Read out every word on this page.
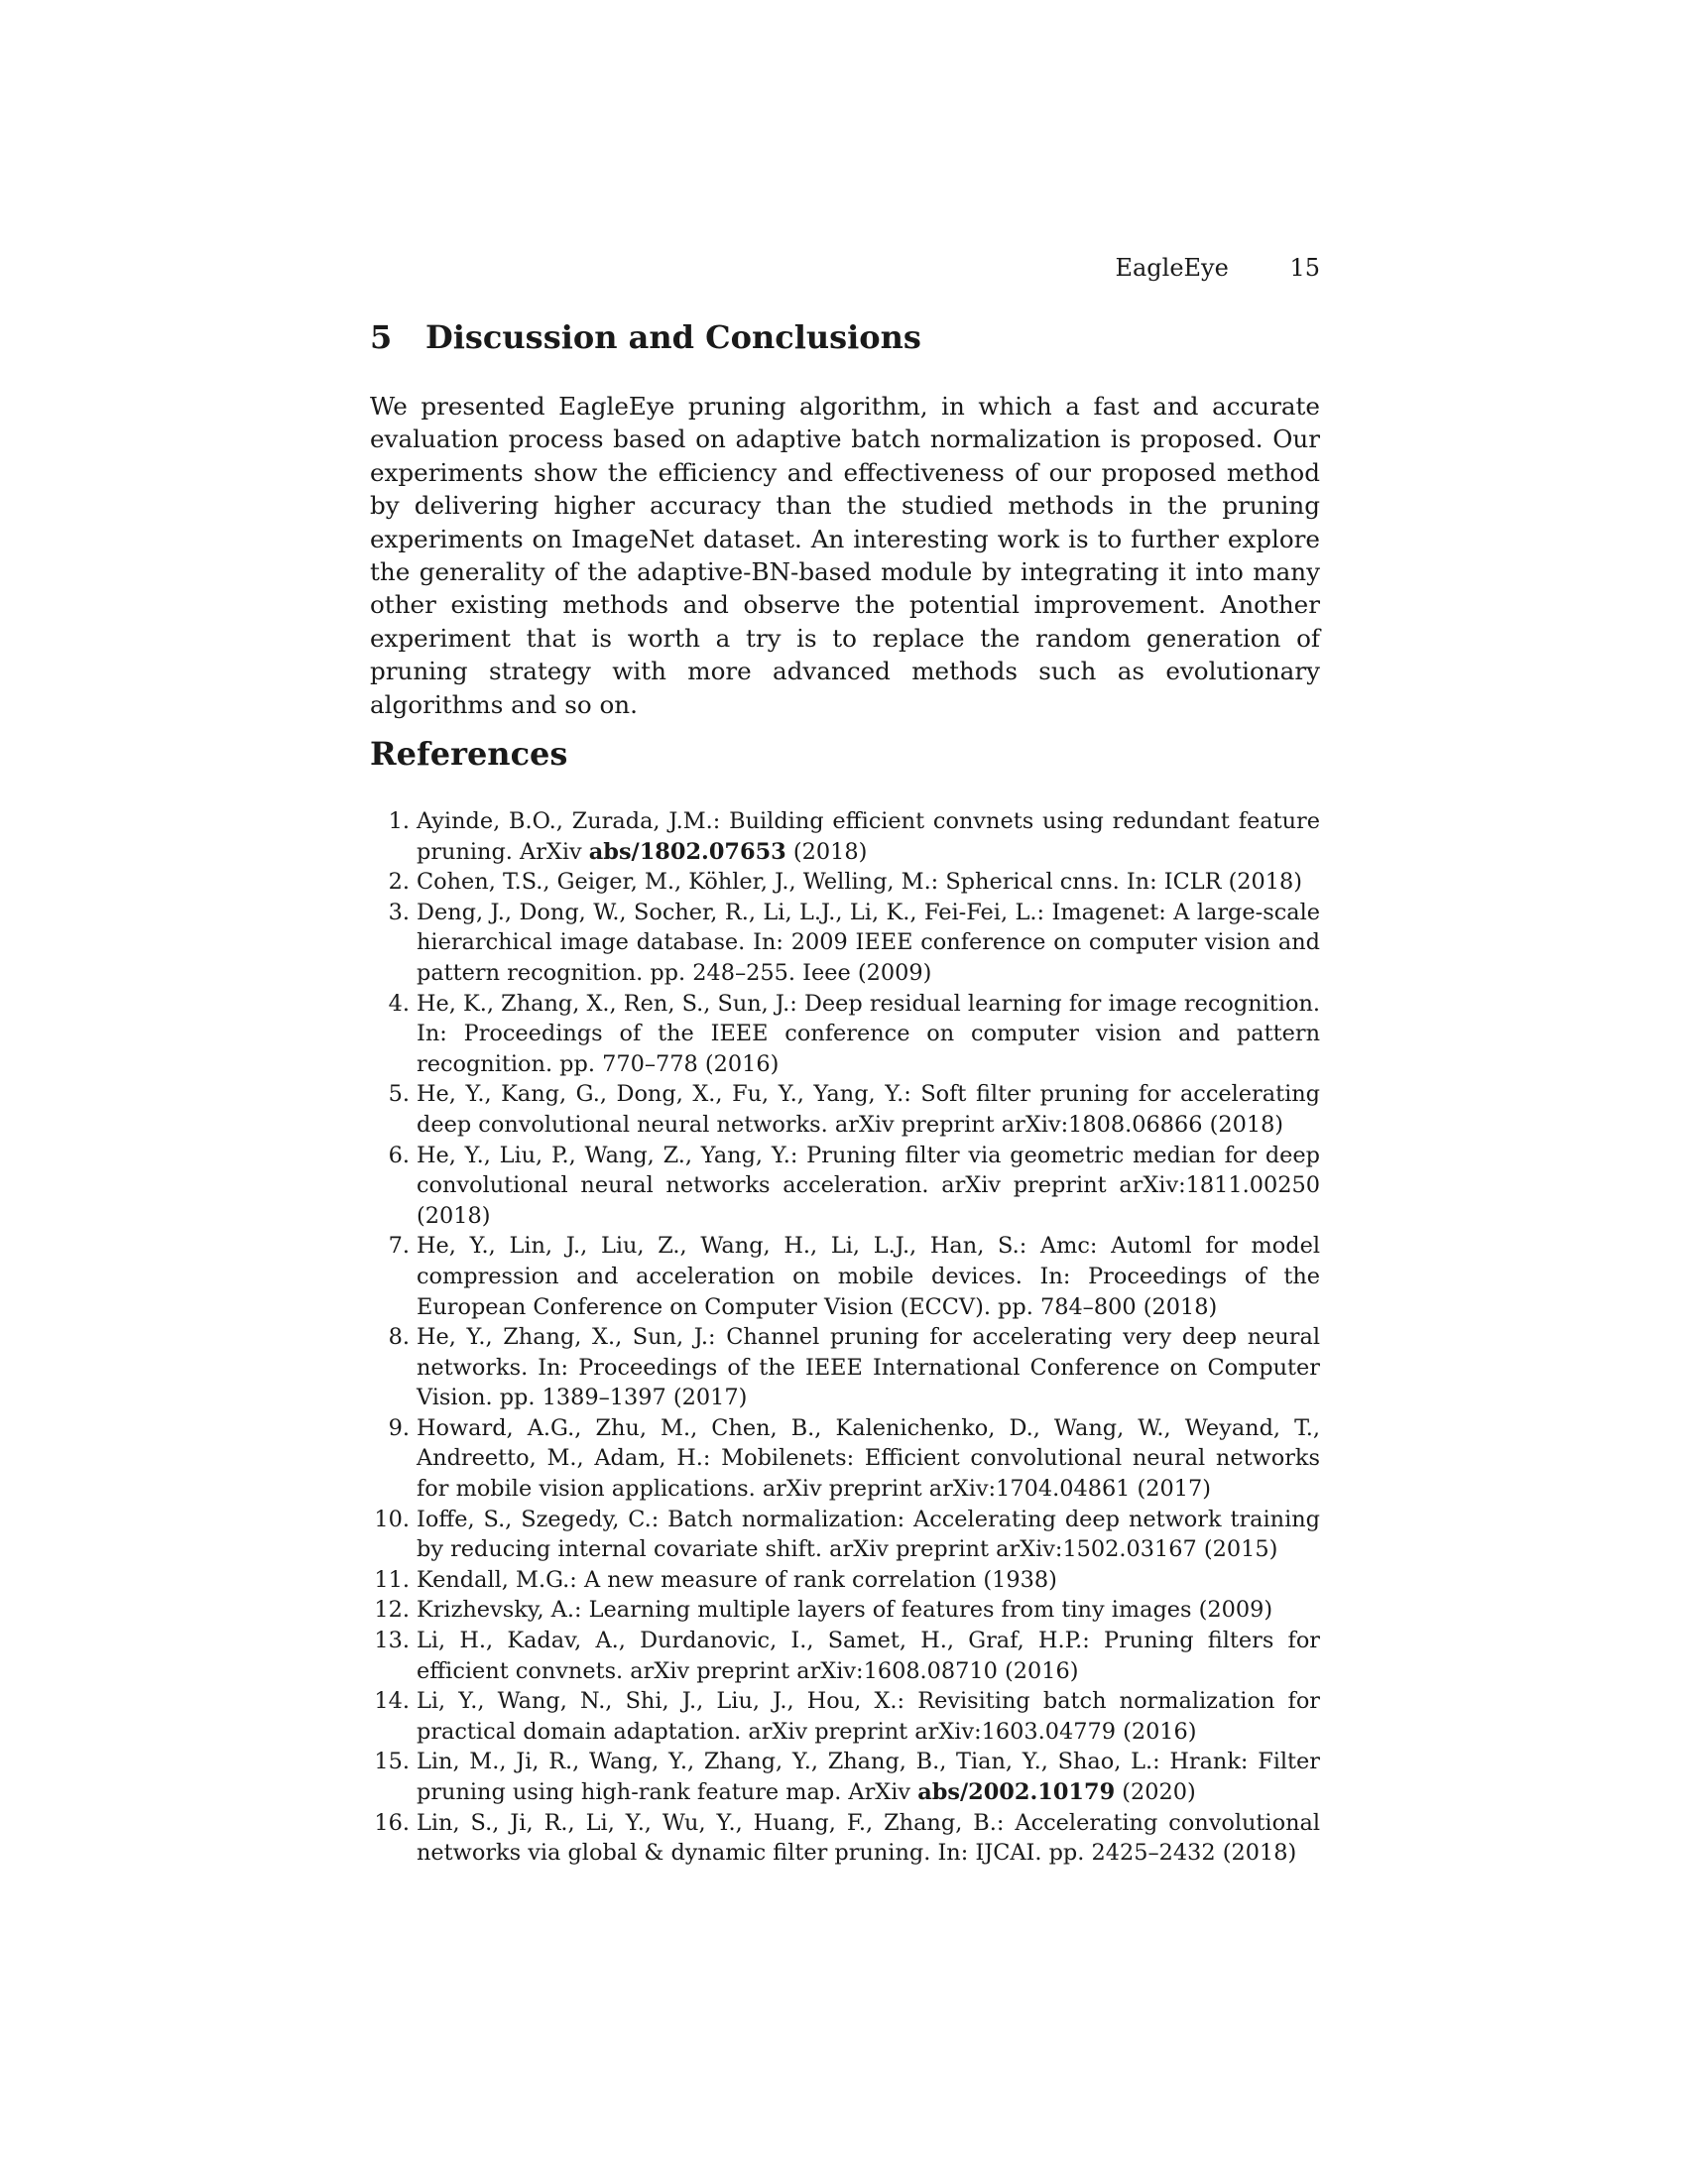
EagleEye	15
5 Discussion and Conclusions

We presented EagleEye pruning algorithm, in which a fast and accurate evaluation process based on adaptive batch normalization is proposed. Our experiments show the efficiency and effectiveness of our proposed method by delivering higher accuracy than the studied methods in the pruning experiments on ImageNet dataset. An interesting work is to further explore the generality of the adaptive-BN-based module by integrating it into many other existing methods and observe the potential improvement. Another experiment that is worth a try is to replace the random generation of pruning strategy with more advanced methods such as evolutionary algorithms and so on.

References
1. Ayinde, B.O., Zurada, J.M.: Building efficient convnets using redundant feature pruning. ArXiv abs/1802.07653 (2018)
2. Cohen, T.S., Geiger, M., Köhler, J., Welling, M.: Spherical cnns. In: ICLR (2018)
3. Deng, J., Dong, W., Socher, R., Li, L.J., Li, K., Fei-Fei, L.: Imagenet: A large-scale hierarchical image database. In: 2009 IEEE conference on computer vision and pattern recognition. pp. 248–255. Ieee (2009)
4. He, K., Zhang, X., Ren, S., Sun, J.: Deep residual learning for image recognition. In: Proceedings of the IEEE conference on computer vision and pattern recognition. pp. 770–778 (2016)
5. He, Y., Kang, G., Dong, X., Fu, Y., Yang, Y.: Soft filter pruning for accelerating deep convolutional neural networks. arXiv preprint arXiv:1808.06866 (2018)
6. He, Y., Liu, P., Wang, Z., Yang, Y.: Pruning filter via geometric median for deep convolutional neural networks acceleration. arXiv preprint arXiv:1811.00250 (2018)
7. He, Y., Lin, J., Liu, Z., Wang, H., Li, L.J., Han, S.: Amc: Automl for model compression and acceleration on mobile devices. In: Proceedings of the European Conference on Computer Vision (ECCV). pp. 784–800 (2018)
8. He, Y., Zhang, X., Sun, J.: Channel pruning for accelerating very deep neural networks. In: Proceedings of the IEEE International Conference on Computer Vision. pp. 1389–1397 (2017)
9. Howard, A.G., Zhu, M., Chen, B., Kalenichenko, D., Wang, W., Weyand, T., Andreetto, M., Adam, H.: Mobilenets: Efficient convolutional neural networks for mobile vision applications. arXiv preprint arXiv:1704.04861 (2017)
10. Ioffe, S., Szegedy, C.: Batch normalization: Accelerating deep network training by reducing internal covariate shift. arXiv preprint arXiv:1502.03167 (2015)
11. Kendall, M.G.: A new measure of rank correlation (1938)
12. Krizhevsky, A.: Learning multiple layers of features from tiny images (2009)
13. Li, H., Kadav, A., Durdanovic, I., Samet, H., Graf, H.P.: Pruning filters for efficient convnets. arXiv preprint arXiv:1608.08710 (2016)
14. Li, Y., Wang, N., Shi, J., Liu, J., Hou, X.: Revisiting batch normalization for practical domain adaptation. arXiv preprint arXiv:1603.04779 (2016)
15. Lin, M., Ji, R., Wang, Y., Zhang, Y., Zhang, B., Tian, Y., Shao, L.: Hrank: Filter pruning using high-rank feature map. ArXiv abs/2002.10179 (2020)
16. Lin, S., Ji, R., Li, Y., Wu, Y., Huang, F., Zhang, B.: Accelerating convolutional networks via global & dynamic filter pruning. In: IJCAI. pp. 2425–2432 (2018)
